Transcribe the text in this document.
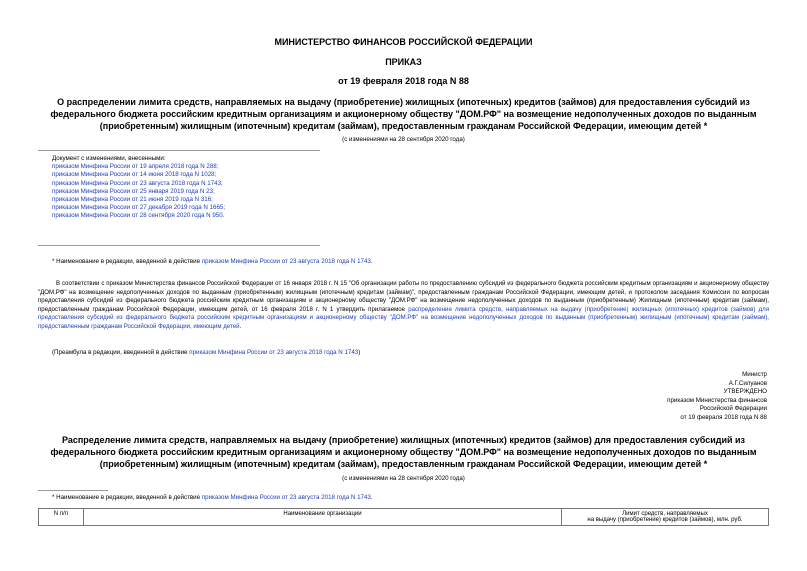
МИНИСТЕРСТВО ФИНАНСОВ РОССИЙСКОЙ ФЕДЕРАЦИИ
ПРИКАЗ
от 19 февраля 2018 года N 88
О распределении лимита средств, направляемых на выдачу (приобретение) жилищных (ипотечных) кредитов (займов) для предоставления субсидий из
федерального бюджета российским кредитным организациям и акционерному обществу "ДОМ.РФ" на возмещение недополученных доходов по выданным
(приобретенным) жилищным (ипотечным) кредитам (займам), предоставленным гражданам Российской Федерации, имеющим детей *
(с изменениями на 28 сентября 2020 года)
Документ с изменениями, внесенными:
приказом Минфина России от 19 апреля 2018 года N 288;
приказом Минфина России от 14 июня 2018 года N 1028;
приказом Минфина России от 23 августа 2018 года N 1743;
приказом Минфина России от 25 января 2019 года N 23;
приказом Минфина России от 21 июня 2019 года N 316;
приказом Минфина России от 27 декабря 2019 года N 1665;
приказом Минфина России от 28 сентября 2020 года N 950.
* Наименование в редакции, введенной в действие приказом Минфина России от 23 августа 2018 года N 1743.

В соответствии с приказом Министерства финансов Российской Федерации от 16 января 2018 г. N 15 "Об организации работы по предоставлению субсидий из федерального бюджета российским кредитным организациям и акционерному обществу "ДОМ.РФ" на возмещение недополученных доходов по выданным (приобретенным) жилищным (ипотечным) кредитам (займам)", предоставленным гражданам Российской Федерации, имеющим детей, и протоколом заседания Комиссии по вопросам предоставления субсидий из федерального бюджета российским кредитным организациям и акционерному обществу "ДОМ.РФ" на возмещение недополученных доходов по выданным (приобретенным) Жилищным (ипотечным) кредитам (займам), предоставленным гражданам Российской Федерации, имеющим детей, от 16 февраля 2018 г. N 1 утвердить прилагаемое распределение лимита средств, направляемых на выдачу (приобретение) жилищных (ипотечных) кредитов (займов) для предоставления субсидий из федерального бюджета российским кредитным организациям и акционерному обществу "ДОМ.РФ" на возмещение недополученных доходов по выданным (приобретенным) жилищным (ипотечным) кредитам (займам), предоставленным гражданам Российской Федерации, имеющим детей.

(Преамбула в редакции, введенной в действие приказом Минфина России от 23 августа 2018 года N 1743)
Министр
А.Г.Силуанов
УТВЕРЖДЕНО
приказом Министерства финансов
Российской Федерации
от 19 февраля 2018 года N 88
Распределение лимита средств, направляемых на выдачу (приобретение) жилищных (ипотечных) кредитов (займов) для предоставления субсидий из
федерального бюджета российским кредитным организациям и акционерному обществу "ДОМ.РФ" на возмещение недополученных доходов по выданным
(приобретенным) жилищным (ипотечным) кредитам (займам), предоставленным гражданам Российской Федерации, имеющим детей *
(с изменениями на 28 сентября 2020 года)
* Наименование в редакции, введенной в действие приказом Минфина России от 23 августа 2018 года N 1743.
N п/п	Наименование организации	Лимит средств, направляемых
на выдачу (приобретение) кредитов (займов), млн. руб.
